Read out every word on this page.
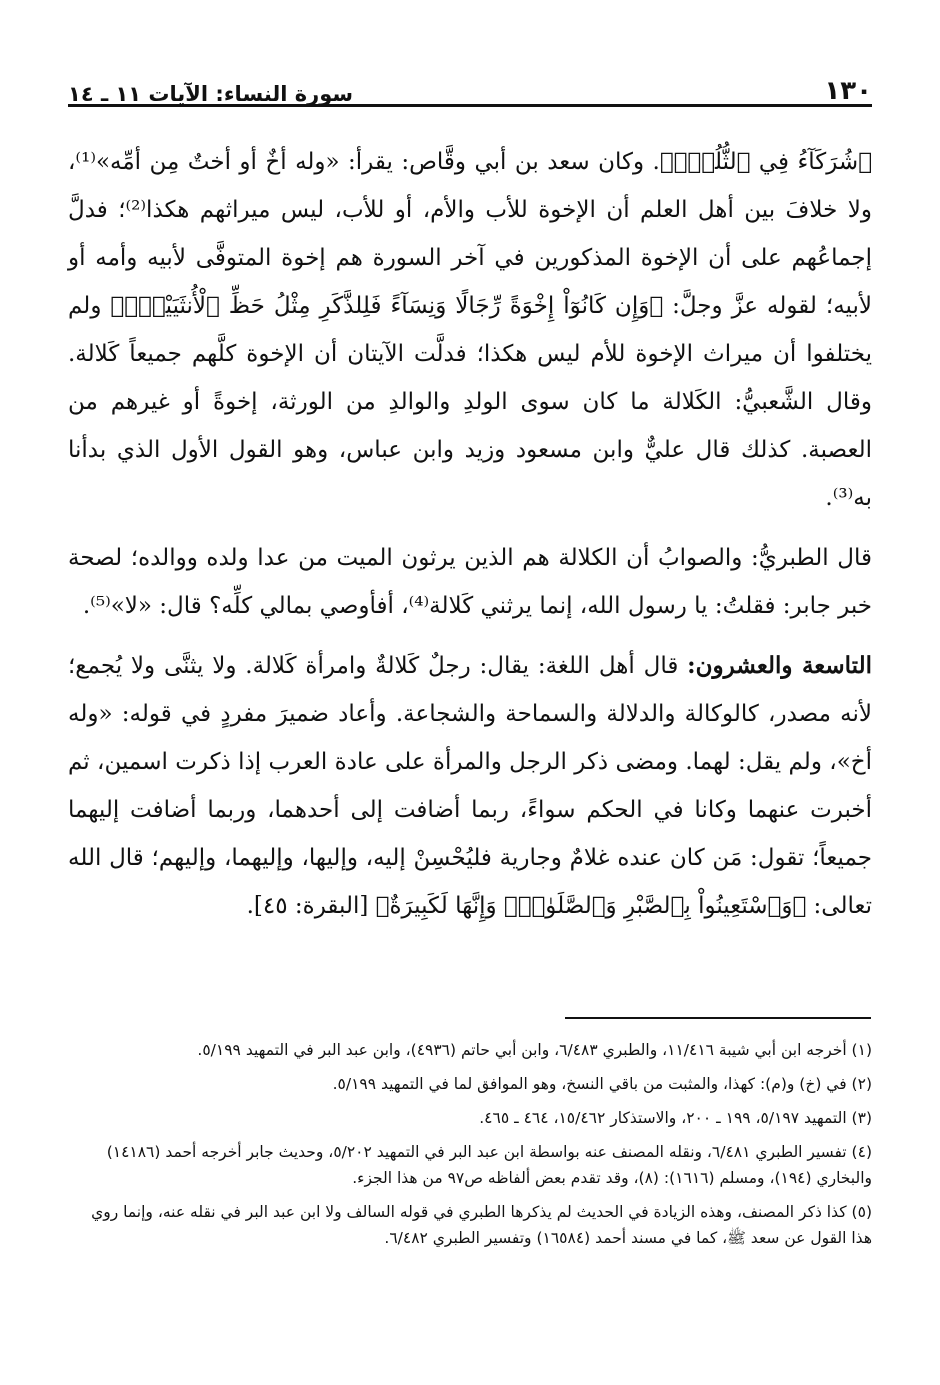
١٣٠
سورة النساء: الآيات ١١ ـ ١٤

﴿شُرَكَآءُ فِي ٱلثُّلُثِۚ﴾. وكان سعد بن أبي وقَّاص: يقرأ: «وله أخٌ أو أختٌ مِن أمِّه»⁽¹⁾، ولا خلافَ بين أهل العلم أن الإخوة للأب والأم، أو للأب، ليس ميراثهم هكذا⁽²⁾؛ فدلَّ إجماعُهم على أن الإخوة المذكورين في آخر السورة هم إخوة المتوفَّى لأبيه وأمه أو لأبيه؛ لقوله عزَّ وجلَّ: ﴿وَإِن كَانُوٓاْ إِخْوَةً رِّجَالًا وَنِسَآءً فَلِلذَّكَرِ مِثْلُ حَظِّ ٱلْأُنثَيَيْنِۗ﴾ ولم يختلفوا أن ميراث الإخوة للأم ليس هكذا؛ فدلَّت الآيتان أن الإخوة كلَّهم جميعاً كَلالة. وقال الشَّعبيُّ: الكَلالة ما كان سوى الولدِ والوالدِ من الورثة، إخوةً أو غيرهم من العصبة. كذلك قال عليٌّ وابن مسعود وزيد وابن عباس، وهو القول الأول الذي بدأنا به⁽³⁾.

قال الطبريُّ: والصوابُ أن الكلالة هم الذين يرثون الميت من عدا ولده ووالده؛ لصحة خبر جابر: فقلتُ: يا رسول الله، إنما يرثني كَلالة⁽⁴⁾، أفأوصي بمالي كلِّه؟ قال: «لا»⁽⁵⁾.

التاسعة والعشرون: قال أهل اللغة: يقال: رجلٌ كَلالةٌ وامرأة كَلالة. ولا يثنَّى ولا يُجمع؛ لأنه مصدر، كالوكالة والدلالة والسماحة والشجاعة. وأعاد ضميرَ مفردٍ في قوله: «وله أخ»، ولم يقل: لهما. ومضى ذكر الرجل والمرأة على عادة العرب إذا ذكرت اسمين، ثم أخبرت عنهما وكانا في الحكم سواءً، ربما أضافت إلى أحدهما، وربما أضافت إليهما جميعاً؛ تقول: مَن كان عنده غلامٌ وجارية فليُحْسِنْ إليه، وإليها، وإليهما، وإليهم؛ قال الله تعالى: ﴿وَٱسْتَعِينُواْ بِٱلصَّبْرِ وَٱلصَّلَوٰةِۚ وَإِنَّهَا لَكَبِيرَةٌ﴾ [البقرة: ٤٥].

(١) أخرجه ابن أبي شيبة ١١/٤١٦، والطبري ٦/٤٨٣، وابن أبي حاتم (٤٩٣٦)، وابن عبد البر في التمهيد ٥/١٩٩.

(٢) في (خ) و(م): كهذا، والمثبت من باقي النسخ، وهو الموافق لما في التمهيد ٥/١٩٩.

(٣) التمهيد ٥/١٩٧، ١٩٩ ـ ٢٠٠، والاستذكار ١٥/٤٦٢، ٤٦٤ ـ ٤٦٥.

(٤) تفسير الطبري ٦/٤٨١، ونقله المصنف عنه بواسطة ابن عبد البر في التمهيد ٥/٢٠٢، وحديث جابر أخرجه أحمد (١٤١٨٦) والبخاري (١٩٤)، ومسلم (١٦١٦): (٨)، وقد تقدم بعض ألفاظه ص٩٧ من هذا الجزء.

(٥) كذا ذكر المصنف، وهذه الزيادة في الحديث لم يذكرها الطبري في قوله السالف ولا ابن عبد البر في نقله عنه، وإنما روي هذا القول عن سعد ﷺ، كما في مسند أحمد (١٦٥٨٤) وتفسير الطبري ٦/٤٨٢.
